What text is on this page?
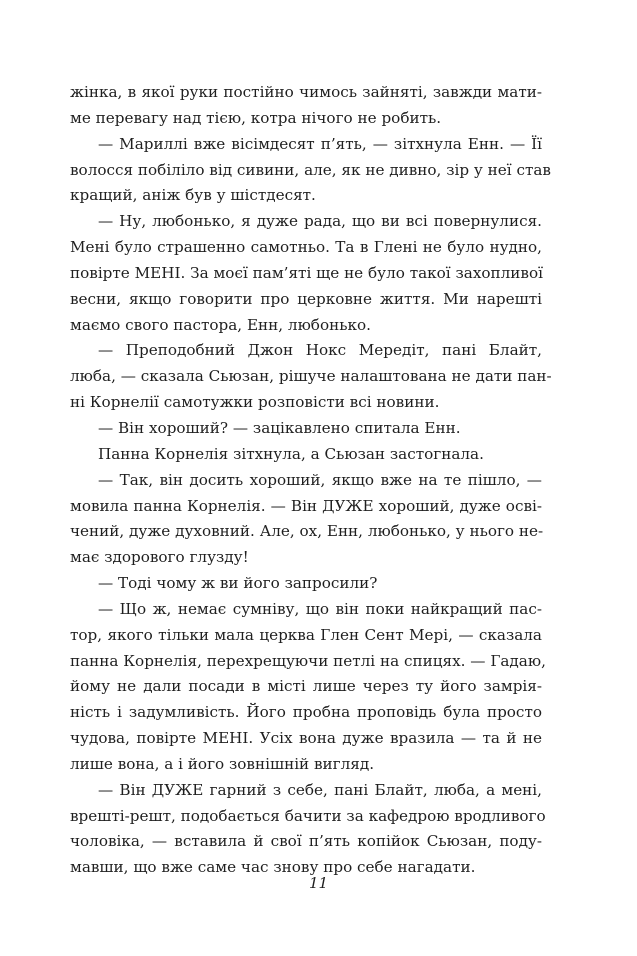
жінка, в якої руки постійно чимось зайняті, завжди мати-
ме перевагу над тією, котра нічого не робить.
— Мариллі вже вісімдесят п’ять, — зітхнула Енн. — Її
волосся побіліло від сивини, але, як не дивно, зір у неї став
кращий, аніж був у шістдесят.
— Ну, любонько, я дуже рада, що ви всі повернулися.
Мені було страшенно самотньо. Та в Глені не було нудно,
повірте МЕНІ. За моєї пам’яті ще не було такої захопливої
весни, якщо говорити про церковне життя. Ми нарешті
маємо свого пастора, Енн, любонько.
— Преподобний Джон Нокс Мередіт, пані Блайт,
люба, — сказала Сьюзан, рішуче налаштована не дати пан-
ні Корнелії самотужки розповісти всі новини.
— Він хороший? — зацікавлено спитала Енн.
Панна Корнелія зітхнула, а Сьюзан застогнала.
— Так, він досить хороший, якщо вже на те пішло, —
мовила панна Корнелія. — Він ДУЖЕ хороший, дуже осві-
чений, дуже духовний. Але, ох, Енн, любонько, у нього не-
має здорового глузду!
— Тоді чому ж ви його запросили?
— Що ж, немає сумніву, що він поки найкращий пас-
тор, якого тільки мала церква Глен Сент Мері, — сказала
панна Корнелія, перехрещуючи петлі на спицях. — Гадаю,
йому не дали посади в місті лише через ту його замрія-
ність і задумливість. Його пробна проповідь була просто
чудова, повірте МЕНІ. Усіх вона дуже вразила — та й не
лише вона, а і його зовнішній вигляд.
— Він ДУЖЕ гарний з себе, пані Блайт, люба, а мені,
врешті-решт, подобається бачити за кафедрою вродливого
чоловіка, — вставила й свої п’ять копійок Сьюзан, поду-
мавши, що вже саме час знову про себе нагадати.
11
